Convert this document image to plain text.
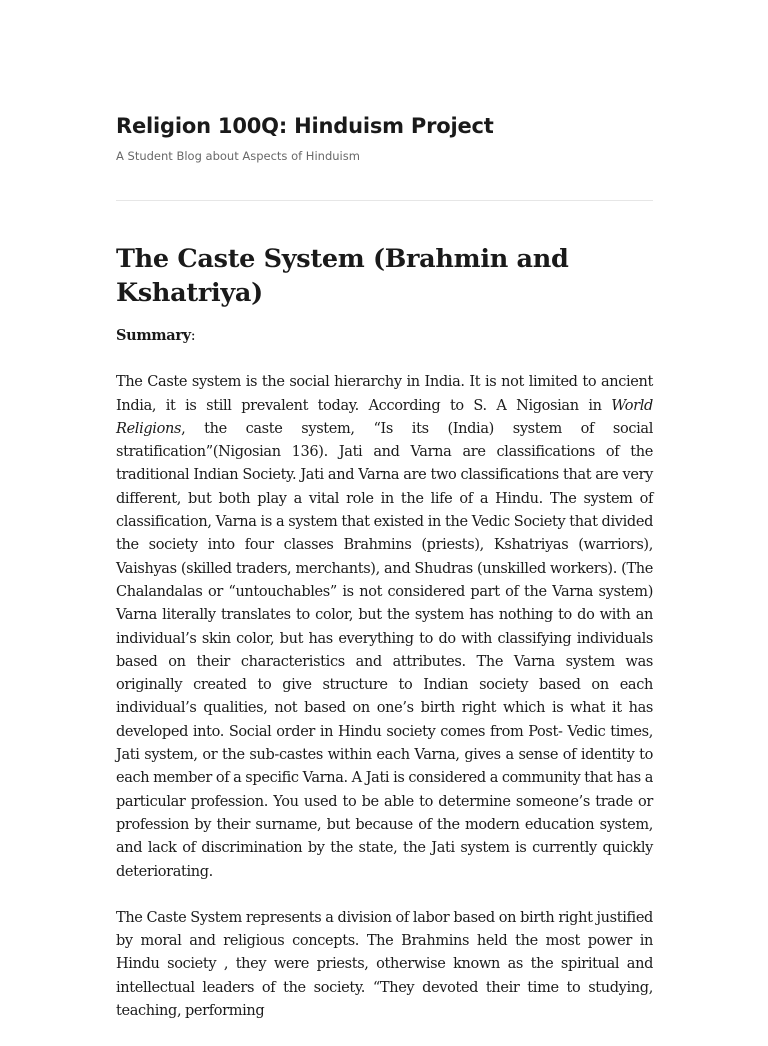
Religion 100Q: Hinduism Project

A Student Blog about Aspects of Hinduism

The Caste System (Brahmin and Kshatriya)

Summary:

The Caste system is the social hierarchy in India. It is not limited to ancient India, it is still prevalent today. According to S. A Nigosian in World Religions, the caste system, “Is its (India) system of social stratification”(Nigosian 136). Jati and Varna are classifications of the traditional Indian Society. Jati and Varna are two classifications that are very different, but both play a vital role in the life of a Hindu. The system of classification, Varna is a system that existed in the Vedic Society that divided the society into four classes Brahmins (priests), Kshatriyas (warriors), Vaishyas (skilled traders, merchants), and Shudras (unskilled workers). (The Chalandalas or “untouchables” is not considered part of the Varna system) Varna literally translates to color, but the system has nothing to do with an individual’s skin color, but has everything to do with classifying individuals based on their characteristics and attributes. The Varna system was originally created to give structure to Indian society based on each individual’s qualities, not based on one’s birth right which is what it has developed into. Social order in Hindu society comes from Post- Vedic times, Jati system, or the sub-castes within each Varna, gives a sense of identity to each member of a specific Varna. A Jati is considered a community that has a particular profession. You used to be able to determine someone’s trade or profession by their surname, but because of the modern education system, and lack of discrimination by the state, the Jati system is currently quickly deteriorating.

The Caste System represents a division of labor based on birth right justified by moral and religious concepts. The Brahmins held the most power in Hindu society , they were priests, otherwise known as the spiritual and intellectual leaders of the society. “They devoted their time to studying, teaching, performing
